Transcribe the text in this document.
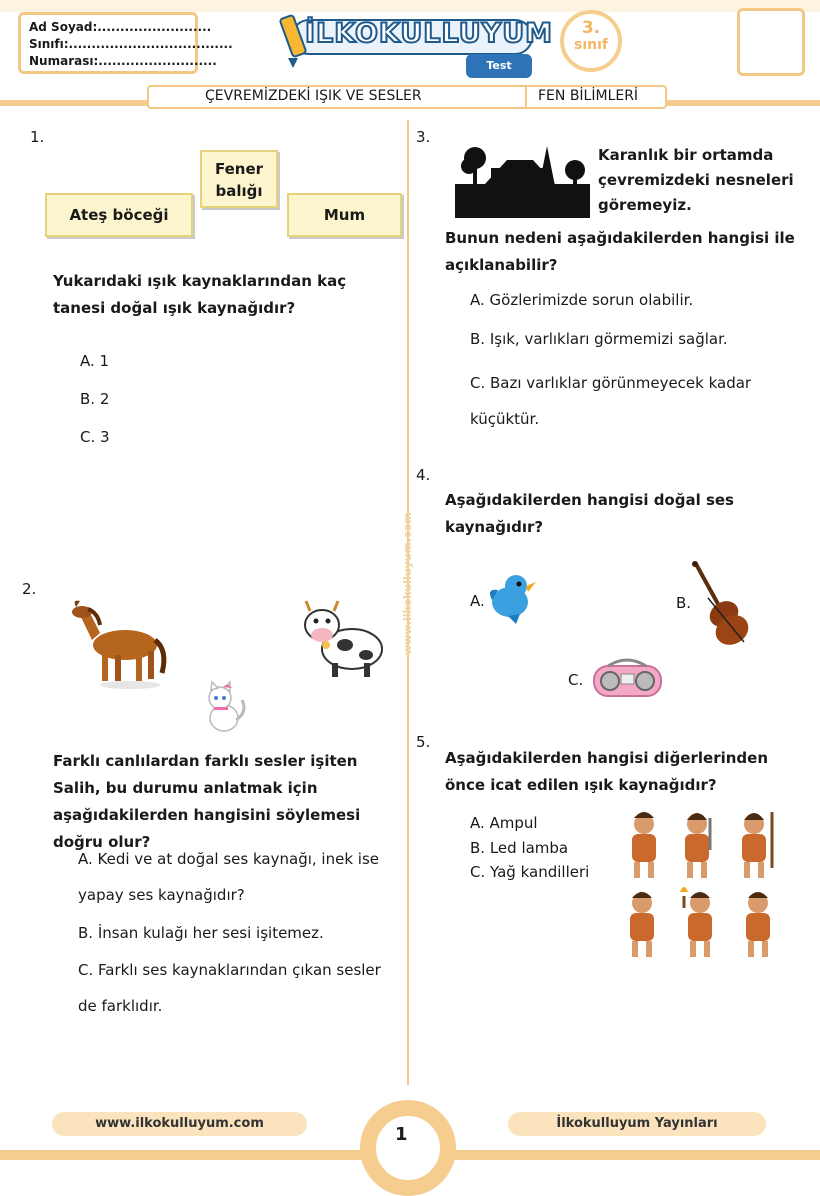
Ad Soyad:.........................
Sınıfı:....................................
Numarası:..........................
İLKOKULLUYUM
Test
3.
sınıf
ÇEVREMİZDEKİ IŞIK VE SESLER	FEN BİLİMLERİ
www.ilkokulluyum.com
1.
Fener balığı
Ateş böceği	Mum
Yukarıdaki ışık kaynaklarından kaç tanesi doğal ışık kaynağıdır?
A. 1
B. 2
C. 3
2.
Farklı canlılardan farklı sesler işiten Salih, bu durumu anlatmak için aşağıdakilerden hangisini söylemesi doğru olur?
A. Kedi ve at doğal ses kaynağı, inek ise yapay ses kaynağıdır?
B. İnsan kulağı her sesi işitemez.
C. Farklı ses kaynaklarından çıkan sesler de farklıdır.
3.
Karanlık bir ortamda çevremizdeki nesneleri göremeyiz.
Bunun nedeni aşağıdakilerden hangisi ile açıklanabilir?
A. Gözlerimizde sorun olabilir.
B. Işık, varlıkları görmemizi sağlar.
C. Bazı varlıklar görünmeyecek kadar küçüktür.
4.
Aşağıdakilerden hangisi doğal ses kaynağıdır?
A.	B.
C.
5.
Aşağıdakilerden hangisi diğerlerinden önce icat edilen ışık kaynağıdır?
A. Ampul
B. Led lamba
C. Yağ kandilleri
www.ilkokulluyum.com
1
İlkokulluyum Yayınları
